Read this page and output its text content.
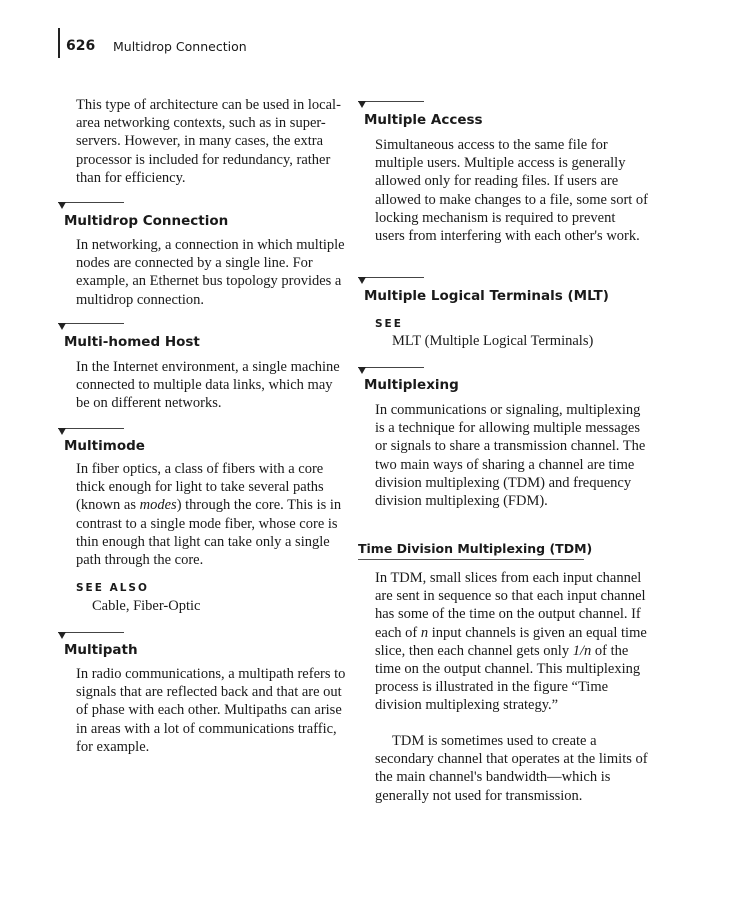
626 Multidrop Connection

This type of architecture can be used in local-area networking contexts, such as in super-servers. However, in many cases, the extra processor is included for redundancy, rather than for efficiency.

Multidrop Connection

In networking, a connection in which multiple nodes are connected by a single line. For example, an Ethernet bus topology provides a multidrop connection.

Multi-homed Host

In the Internet environment, a single machine connected to multiple data links, which may be on different networks.

Multimode

In fiber optics, a class of fibers with a core thick enough for light to take several paths (known as modes) through the core. This is in contrast to a single mode fiber, whose core is thin enough that light can take only a single path through the core.

SEE ALSO
Cable, Fiber-Optic
Multipath

In radio communications, a multipath refers to signals that are reflected back and that are out of phase with each other. Multipaths can arise in areas with a lot of communications traffic, for example.

Multiple Access

Simultaneous access to the same file for multiple users. Multiple access is generally allowed only for reading files. If users are allowed to make changes to a file, some sort of locking mechanism is required to prevent users from interfering with each other's work.

Multiple Logical Terminals (MLT)
SEE
MLT (Multiple Logical Terminals)
Multiplexing

In communications or signaling, multiplexing is a technique for allowing multiple messages or signals to share a transmission channel. The two main ways of sharing a channel are time division multiplexing (TDM) and frequency division multiplexing (FDM).

Time Division Multiplexing (TDM)

In TDM, small slices from each input channel are sent in sequence so that each input channel has some of the time on the output channel. If each of n input channels is given an equal time slice, then each channel gets only 1/n of the time on the output channel. This multiplexing process is illustrated in the figure “Time division multiplexing strategy.”

TDM is sometimes used to create a secondary channel that operates at the limits of the main channel's bandwidth—which is generally not used for transmission.
